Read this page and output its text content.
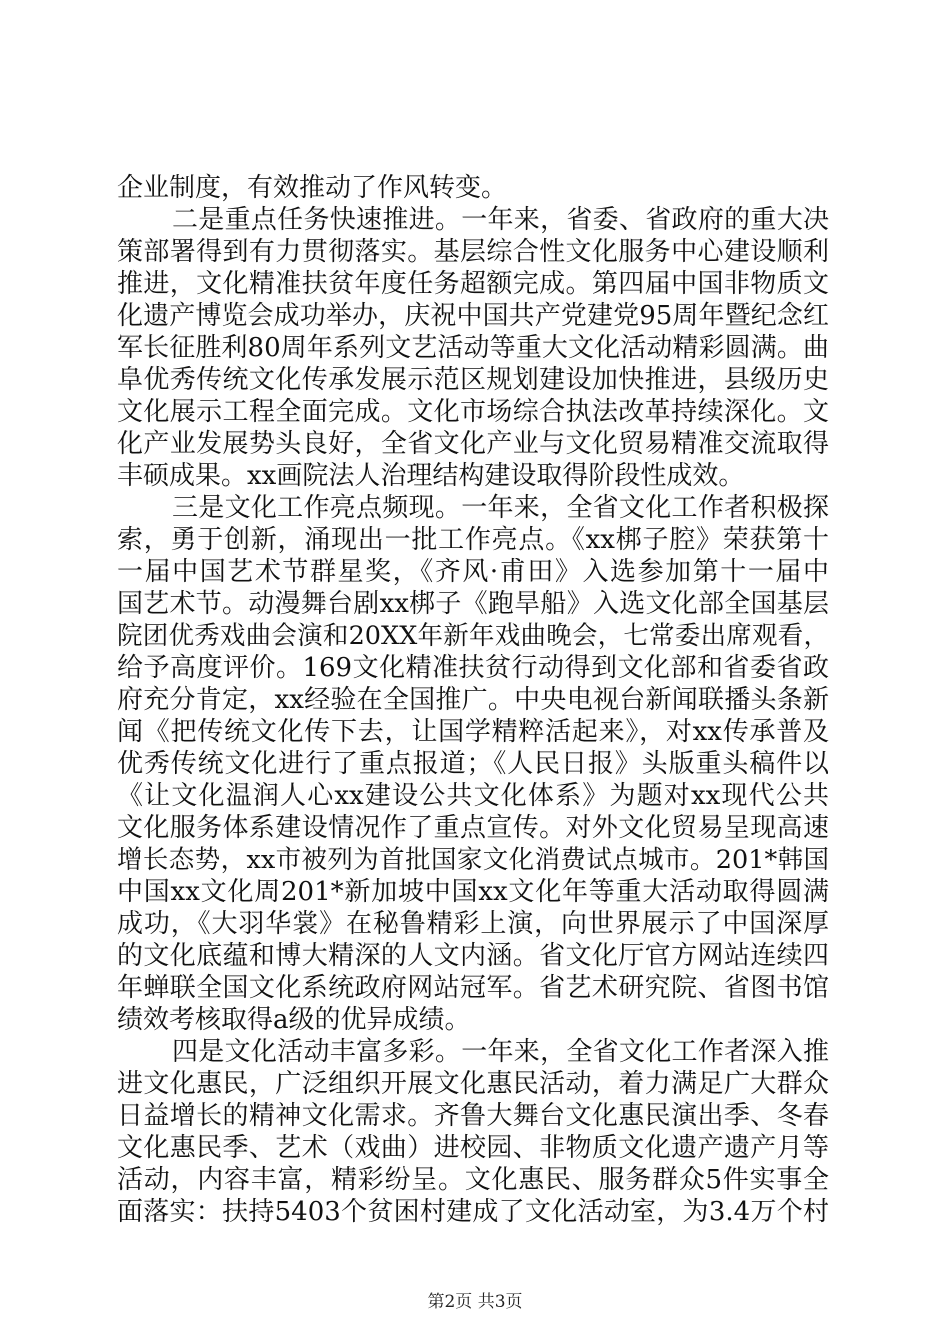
企业制度，有效推动了作风转变。
二是重点任务快速推进。一年来，省委、省政府的重大决
策部署得到有力贯彻落实。基层综合性文化服务中心建设顺利
推进，文化精准扶贫年度任务超额完成。第四届中国非物质文
化遗产博览会成功举办，庆祝中国共产党建党95周年暨纪念红
军长征胜利80周年系列文艺活动等重大文化活动精彩圆满。曲
阜优秀传统文化传承发展示范区规划建设加快推进，县级历史
文化展示工程全面完成。文化市场综合执法改革持续深化。文
化产业发展势头良好，全省文化产业与文化贸易精准交流取得
丰硕成果。xx画院法人治理结构建设取得阶段性成效。
三是文化工作亮点频现。一年来，全省文化工作者积极探
索，勇于创新，涌现出一批工作亮点。《xx梆子腔》荣获第十
一届中国艺术节群星奖，《齐风·甫田》入选参加第十一届中
国艺术节。动漫舞台剧xx梆子《跑旱船》入选文化部全国基层
院团优秀戏曲会演和20XX年新年戏曲晚会，七常委出席观看，
给予高度评价。169文化精准扶贫行动得到文化部和省委省政
府充分肯定，xx经验在全国推广。中央电视台新闻联播头条新
闻《把传统文化传下去，让国学精粹活起来》，对xx传承普及
优秀传统文化进行了重点报道；《人民日报》头版重头稿件以
《让文化温润人心xx建设公共文化体系》为题对xx现代公共
文化服务体系建设情况作了重点宣传。对外文化贸易呈现高速
增长态势，xx市被列为首批国家文化消费试点城市。201*韩国
中国xx文化周201*新加坡中国xx文化年等重大活动取得圆满
成功，《大羽华裳》在秘鲁精彩上演，向世界展示了中国深厚
的文化底蕴和博大精深的人文内涵。省文化厅官方网站连续四
年蝉联全国文化系统政府网站冠军。省艺术研究院、省图书馆
绩效考核取得a级的优异成绩。
四是文化活动丰富多彩。一年来，全省文化工作者深入推
进文化惠民，广泛组织开展文化惠民活动，着力满足广大群众
日益增长的精神文化需求。齐鲁大舞台文化惠民演出季、冬春
文化惠民季、艺术（戏曲）进校园、非物质文化遗产遗产月等
活动，内容丰富，精彩纷呈。文化惠民、服务群众5件实事全
面落实：扶持5403个贫困村建成了文化活动室，为3.4万个村
第2页 共3页
